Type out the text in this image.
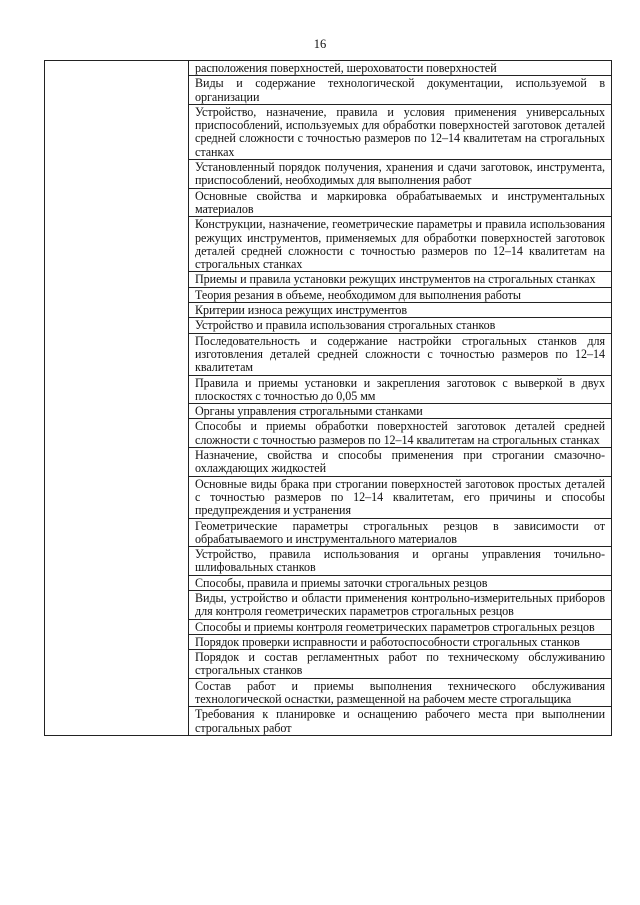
16

расположения поверхностей, шероховатости поверхностей

Виды и содержание технологической документации, используемой в организации

Устройство, назначение, правила и условия применения универсальных приспособлений, используемых для обработки поверхностей заготовок деталей средней сложности с точностью размеров по 12–14 квалитетам на строгальных станках

Установленный порядок получения, хранения и сдачи заготовок, инструмента, приспособлений, необходимых для выполнения работ

Основные свойства и маркировка обрабатываемых и инструментальных материалов

Конструкции, назначение, геометрические параметры и правила использования режущих инструментов, применяемых для обработки поверхностей заготовок деталей средней сложности с точностью размеров по 12–14 квалитетам на строгальных станках

Приемы и правила установки режущих инструментов на строгальных станках

Теория резания в объеме, необходимом для выполнения работы

Критерии износа режущих инструментов

Устройство и правила использования строгальных станков

Последовательность и содержание настройки строгальных станков для изготовления деталей средней сложности с точностью размеров по 12–14 квалитетам

Правила и приемы установки и закрепления заготовок с выверкой в двух плоскостях с точностью до 0,05 мм

Органы управления строгальными станками

Способы и приемы обработки поверхностей заготовок деталей средней сложности с точностью размеров по 12–14 квалитетам на строгальных станках

Назначение, свойства и способы применения при строгании смазочно-охлаждающих жидкостей

Основные виды брака при строгании поверхностей заготовок простых деталей с точностью размеров по 12–14 квалитетам, его причины и способы предупреждения и устранения

Геометрические параметры строгальных резцов в зависимости от обрабатываемого и инструментального материалов

Устройство, правила использования и органы управления точильно-шлифовальных станков

Способы, правила и приемы заточки строгальных резцов

Виды, устройство и области применения контрольно-измерительных приборов для контроля геометрических параметров строгальных резцов

Способы и приемы контроля геометрических параметров строгальных резцов

Порядок проверки исправности и работоспособности строгальных станков

Порядок и состав регламентных работ по техническому обслуживанию строгальных станков

Состав работ и приемы выполнения технического обслуживания технологической оснастки, размещенной на рабочем месте строгальщика

Требования к планировке и оснащению рабочего места при выполнении строгальных работ
